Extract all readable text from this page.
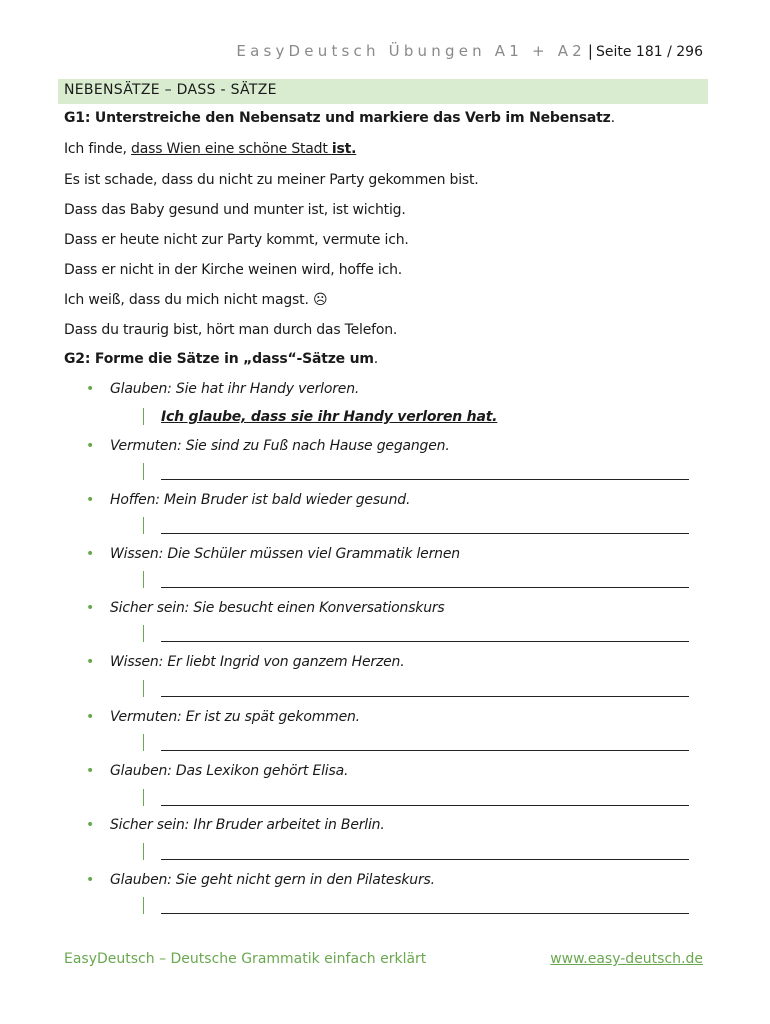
EasyDeutsch Übungen A1 + A2 | Seite 181 / 296
NEBENSÄTZE – DASS - SÄTZE
G1: Unterstreiche den Nebensatz und markiere das Verb im Nebensatz.
Ich finde, dass Wien eine schöne Stadt ist.
Es ist schade, dass du nicht zu meiner Party gekommen bist.
Dass das Baby gesund und munter ist, ist wichtig.
Dass er heute nicht zur Party kommt, vermute ich.
Dass er nicht in der Kirche weinen wird, hoffe ich.
Ich weiß, dass du mich nicht magst. ☹
Dass du traurig bist, hört man durch das Telefon.
G2: Forme die Sätze in „dass“-Sätze um.
• Glauben: Sie hat ihr Handy verloren.
Ich glaube, dass sie ihr Handy verloren hat.
• Vermuten: Sie sind zu Fuß nach Hause gegangen.
• Hoffen: Mein Bruder ist bald wieder gesund.
• Wissen: Die Schüler müssen viel Grammatik lernen
• Sicher sein: Sie besucht einen Konversationskurs
• Wissen: Er liebt Ingrid von ganzem Herzen.
• Vermuten: Er ist zu spät gekommen.
• Glauben: Das Lexikon gehört Elisa.
• Sicher sein: Ihr Bruder arbeitet in Berlin.
• Glauben: Sie geht nicht gern in den Pilateskurs.
EasyDeutsch – Deutsche Grammatik einfach erklärt	www.easy-deutsch.de
